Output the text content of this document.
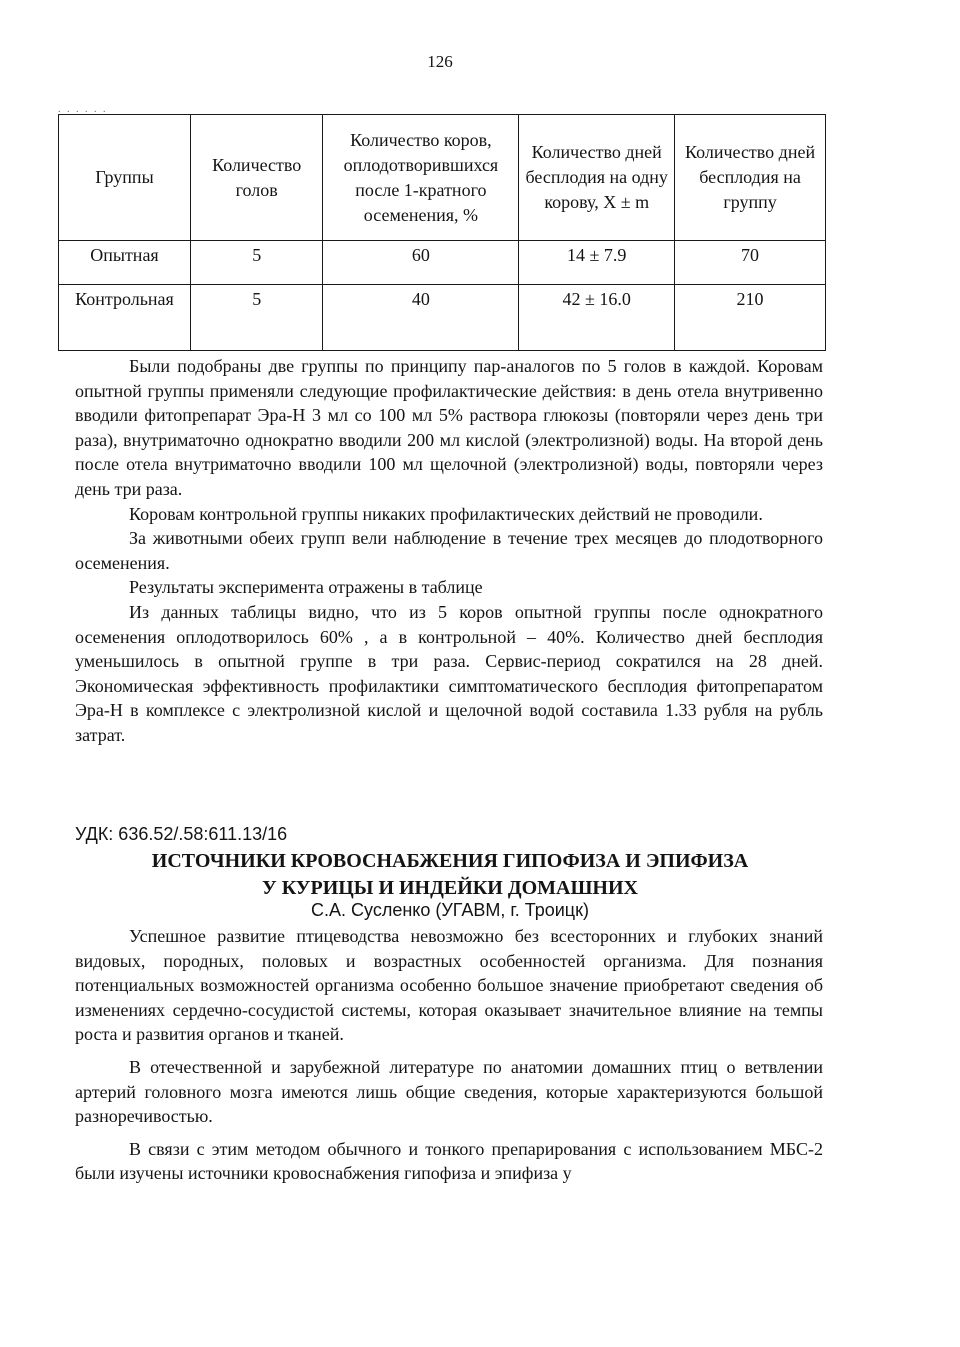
126
. . . . . .
Группы	Количество голов	Количество коров, оплодотворившихся после 1-кратного осеменения, %	Количество дней бесплодия на одну корову, X ± m	Количество дней бесплодия на группу
Опытная	5	60	14 ± 7.9	70
Контрольная	5	40	42 ± 16.0	210

Были подобраны две группы по принципу пар-аналогов по 5 голов в каждой. Коровам опытной группы применяли следующие профилактические действия: в день отела внутривенно вводили фитопрепарат Эра-Н 3 мл со 100 мл 5% раствора глюкозы (повторяли через день три раза), внутриматочно однократно вводили 200 мл кислой (электролизной) воды. На второй день после отела внутриматочно вводили 100 мл щелочной (электролизной) воды, повторяли через день три раза.

Коровам контрольной группы никаких профилактических действий не проводили.

За животными обеих групп вели наблюдение в течение трех месяцев до плодотворного осеменения.

Результаты эксперимента отражены в таблице

Из данных таблицы видно, что из 5 коров опытной группы после однократного осеменения оплодотворилось 60% , а в контрольной – 40%. Количество дней бесплодия уменьшилось в опытной группе в три раза. Сервис-период сократился на 28 дней. Экономическая эффективность профилактики симптоматического бесплодия фитопрепаратом Эра-Н в комплексе с электролизной кислой и щелочной водой составила 1.33 рубля на рубль затрат.

УДК: 636.52/.58:611.13/16
ИСТОЧНИКИ КРОВОСНАБЖЕНИЯ ГИПОФИЗА И ЭПИФИЗА
У КУРИЦЫ И ИНДЕЙКИ ДОМАШНИХ
С.А. Сусленко (УГАВМ, г. Троицк)

Успешное развитие птицеводства невозможно без всесторонних и глубоких знаний видовых, породных, половых и возрастных особенностей организма. Для познания потенциальных возможностей организма особенно большое значение приобретают сведения об изменениях сердечно-сосудистой системы, которая оказывает значительное влияние на темпы роста и развития органов и тканей.

В отечественной и зарубежной литературе по анатомии домашних птиц о ветвлении артерий головного мозга имеются лишь общие сведения, которые характеризуются большой разноречивостью.

В связи с этим методом обычного и тонкого препарирования с использованием МБС-2 были изучены источники кровоснабжения гипофиза и эпифиза у
